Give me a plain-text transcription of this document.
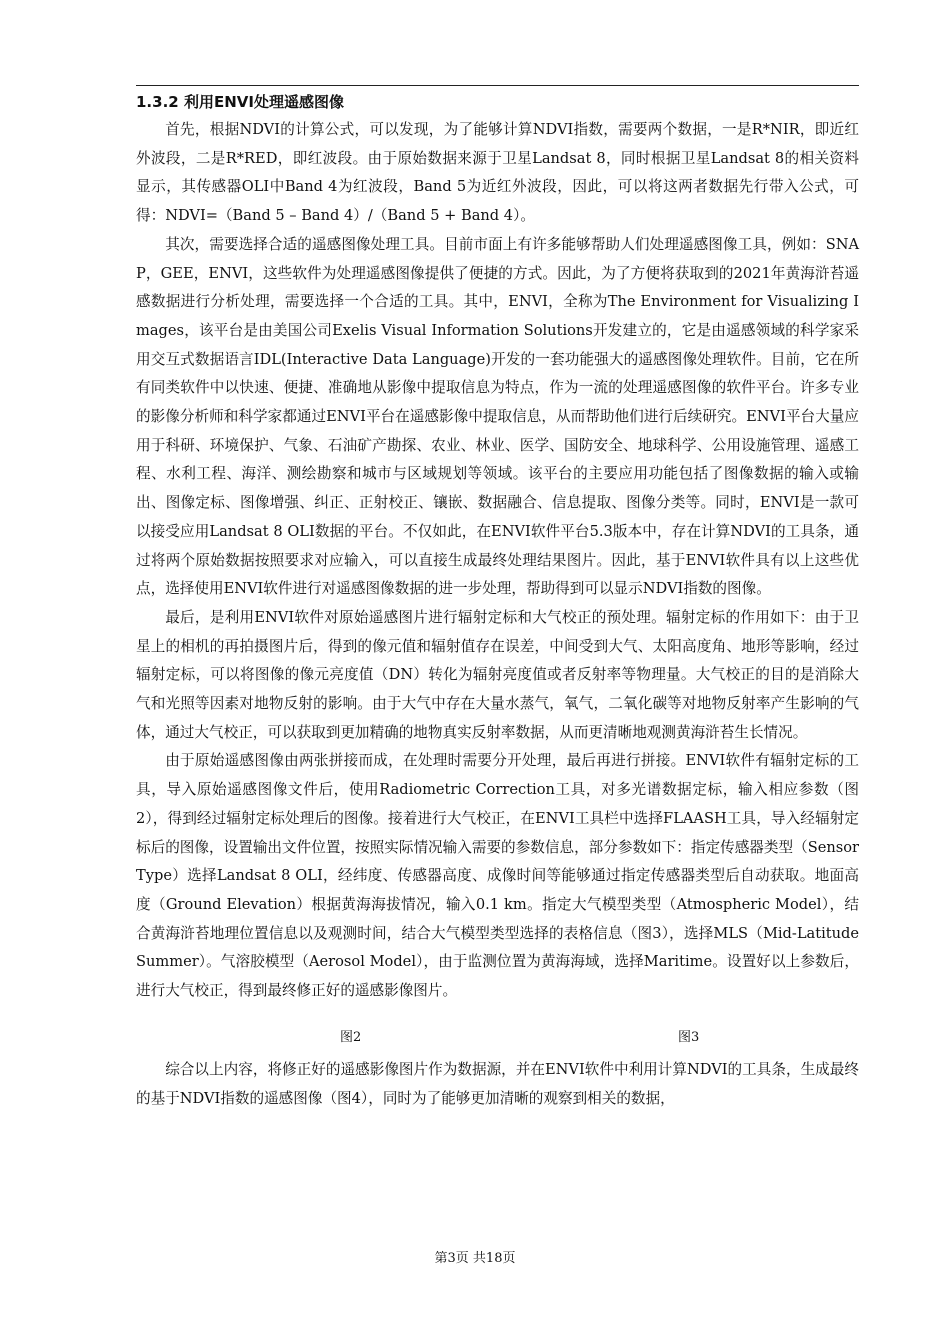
1.3.2 利用ENVI处理遥感图像

首先，根据NDVI的计算公式，可以发现，为了能够计算NDVI指数，需要两个数据，一是R*NIR，即近红外波段，二是R*RED，即红波段。由于原始数据来源于卫星Landsat 8，同时根据卫星Landsat 8的相关资料显示，其传感器OLI中Band 4为红波段，Band 5为近红外波段，因此，可以将这两者数据先行带入公式，可得：NDVI=（Band 5 – Band 4）/（Band 5 + Band 4）。

其次，需要选择合适的遥感图像处理工具。目前市面上有许多能够帮助人们处理遥感图像工具，例如：SNAP，GEE，ENVI，这些软件为处理遥感图像提供了便捷的方式。因此，为了方便将获取到的2021年黄海浒苔遥感数据进行分析处理，需要选择一个合适的工具。其中，ENVI，全称为The Environment for Visualizing Images，该平台是由美国公司Exelis Visual Information Solutions开发建立的，它是由遥感领域的科学家采用交互式数据语言IDL(Interactive Data Language)开发的一套功能强大的遥感图像处理软件。目前，它在所有同类软件中以快速、便捷、准确地从影像中提取信息为特点，作为一流的处理遥感图像的软件平台。许多专业的影像分析师和科学家都通过ENVI平台在遥感影像中提取信息，从而帮助他们进行后续研究。ENVI平台大量应用于科研、环境保护、气象、石油矿产勘探、农业、林业、医学、国防安全、地球科学、公用设施管理、遥感工程、水利工程、海洋、测绘勘察和城市与区域规划等领域。该平台的主要应用功能包括了图像数据的输入或输出、图像定标、图像增强、纠正、正射校正、镶嵌、数据融合、信息提取、图像分类等。同时，ENVI是一款可以接受应用Landsat 8 OLI数据的平台。不仅如此，在ENVI软件平台5.3版本中，存在计算NDVI的工具条，通过将两个原始数据按照要求对应输入，可以直接生成最终处理结果图片。因此，基于ENVI软件具有以上这些优点，选择使用ENVI软件进行对遥感图像数据的进一步处理，帮助得到可以显示NDVI指数的图像。

最后，是利用ENVI软件对原始遥感图片进行辐射定标和大气校正的预处理。辐射定标的作用如下：由于卫星上的相机的再拍摄图片后，得到的像元值和辐射值存在误差，中间受到大气、太阳高度角、地形等影响，经过辐射定标，可以将图像的像元亮度值（DN）转化为辐射亮度值或者反射率等物理量。大气校正的目的是消除大气和光照等因素对地物反射的影响。由于大气中存在大量水蒸气，氧气，二氧化碳等对地物反射率产生影响的气体，通过大气校正，可以获取到更加精确的地物真实反射率数据，从而更清晰地观测黄海浒苔生长情况。

由于原始遥感图像由两张拼接而成，在处理时需要分开处理，最后再进行拼接。ENVI软件有辐射定标的工具，导入原始遥感图像文件后，使用Radiometric Correction工具，对多光谱数据定标，输入相应参数（图2），得到经过辐射定标处理后的图像。接着进行大气校正，在ENVI工具栏中选择FLAASH工具，导入经辐射定标后的图像，设置输出文件位置，按照实际情况输入需要的参数信息，部分参数如下：指定传感器类型（Sensor Type）选择Landsat 8 OLI，经纬度、传感器高度、成像时间等能够通过指定传感器类型后自动获取。地面高度（Ground Elevation）根据黄海海拔情况，输入0.1 km。指定大气模型类型（Atmospheric Model），结合黄海浒苔地理位置信息以及观测时间，结合大气模型类型选择的表格信息（图3），选择MLS（Mid-Latitude Summer）。气溶胶模型（Aerosol Model），由于监测位置为黄海海域，选择Maritime。设置好以上参数后，进行大气校正，得到最终修正好的遥感影像图片。

图2	图3

综合以上内容，将修正好的遥感影像图片作为数据源，并在ENVI软件中利用计算NDVI的工具条，生成最终的基于NDVI指数的遥感图像（图4），同时为了能够更加清晰的观察到相关的数据，

第3页 共18页
